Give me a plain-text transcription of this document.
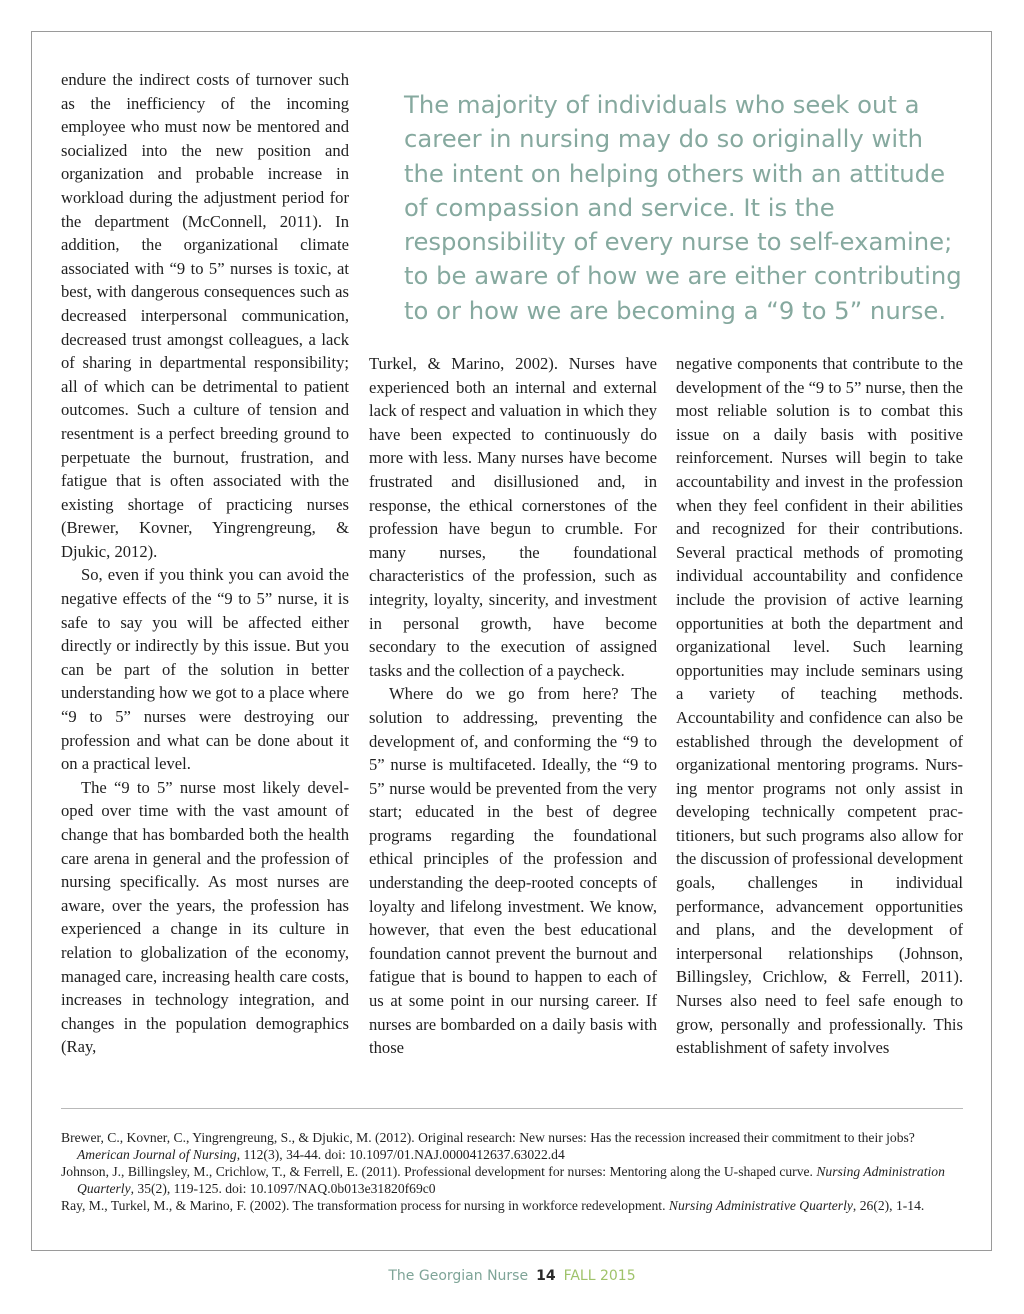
endure the indirect costs of turnover such as the inefficiency of the incoming employee who must now be mentored and socialized into the new position and organization and probable increase in workload during the adjustment period for the department (McConnell, 2011). In addition, the organizational climate associated with “9 to 5” nurses is toxic, at best, with dangerous consequences such as decreased interpersonal communication, decreased trust amongst colleagues, a lack of sharing in departmental responsibility; all of which can be detrimental to patient outcomes. Such a culture of tension and resentment is a perfect breeding ground to perpetuate the burnout, frustration, and fatigue that is often associated with the existing shortage of practicing nurses (Brewer, Kovner, Yingrengreung, & Djukic, 2012).

So, even if you think you can avoid the negative effects of the “9 to 5” nurse, it is safe to say you will be affected either directly or indirectly by this issue. But you can be part of the solution in better understanding how we got to a place where “9 to 5” nurses were destroying our profession and what can be done about it on a practical level.

The “9 to 5” nurse most likely developed over time with the vast amount of change that has bombarded both the health care arena in general and the profession of nursing specifically. As most nurses are aware, over the years, the profession has experienced a change in its culture in relation to globalization of the economy, managed care, increasing health care costs, increases in technology integration, and changes in the population demographics (Ray,

The majority of individuals who seek out a career in nursing may do so originally with the intent on helping others with an attitude of compassion and service. It is the responsibility of every nurse to self-examine; to be aware of how we are either contributing to or how we are becoming a “9 to 5” nurse.

Turkel, & Marino, 2002). Nurses have experienced both an internal and external lack of respect and valuation in which they have been expected to continuously do more with less. Many nurses have become frustrated and disillusioned and, in response, the ethical cornerstones of the profession have begun to crumble. For many nurses, the foundational characteristics of the profession, such as integrity, loyalty, sincerity, and investment in personal growth, have become secondary to the execution of assigned tasks and the collection of a paycheck.

Where do we go from here? The solution to addressing, preventing the development of, and conforming the “9 to 5” nurse is multifaceted. Ideally, the “9 to 5” nurse would be prevented from the very start; educated in the best of degree programs regarding the foundational ethical principles of the profession and understanding the deep-rooted concepts of loyalty and lifelong investment. We know, however, that even the best educational foundation cannot prevent the burnout and fatigue that is bound to happen to each of us at some point in our nursing career. If nurses are bombarded on a daily basis with those

negative components that contribute to the development of the “9 to 5” nurse, then the most reliable solution is to combat this issue on a daily basis with positive reinforcement. Nurses will begin to take accountability and invest in the profession when they feel confident in their abilities and recognized for their contributions. Several practical methods of promoting individual accountability and confidence include the provision of active learning opportunities at both the department and organizational level. Such learning opportunities may include seminars using a variety of teaching methods. Accountability and confidence can also be established through the development of organizational mentoring programs. Nursing mentor programs not only assist in developing technically competent practitioners, but such programs also allow for the discussion of professional development goals, challenges in individual performance, advancement opportunities and plans, and the development of interpersonal relationships (Johnson, Billingsley, Crichlow, & Ferrell, 2011). Nurses also need to feel safe enough to grow, personally and professionally. This establishment of safety involves

Brewer, C., Kovner, C., Yingrengreung, S., & Djukic, M. (2012). Original research: New nurses: Has the recession increased their commitment to their jobs? American Journal of Nursing, 112(3), 34-44. doi: 10.1097/01.NAJ.0000412637.63022.d4
Johnson, J., Billingsley, M., Crichlow, T., & Ferrell, E. (2011). Professional development for nurses: Mentoring along the U-shaped curve. Nursing Administration Quarterly, 35(2), 119-125. doi: 10.1097/NAQ.0b013e31820f69c0
Ray, M., Turkel, M., & Marino, F. (2002). The transformation process for nursing in workforce redevelopment. Nursing Administrative Quarterly, 26(2), 1-14.
The Georgian Nurse 14 FALL 2015
